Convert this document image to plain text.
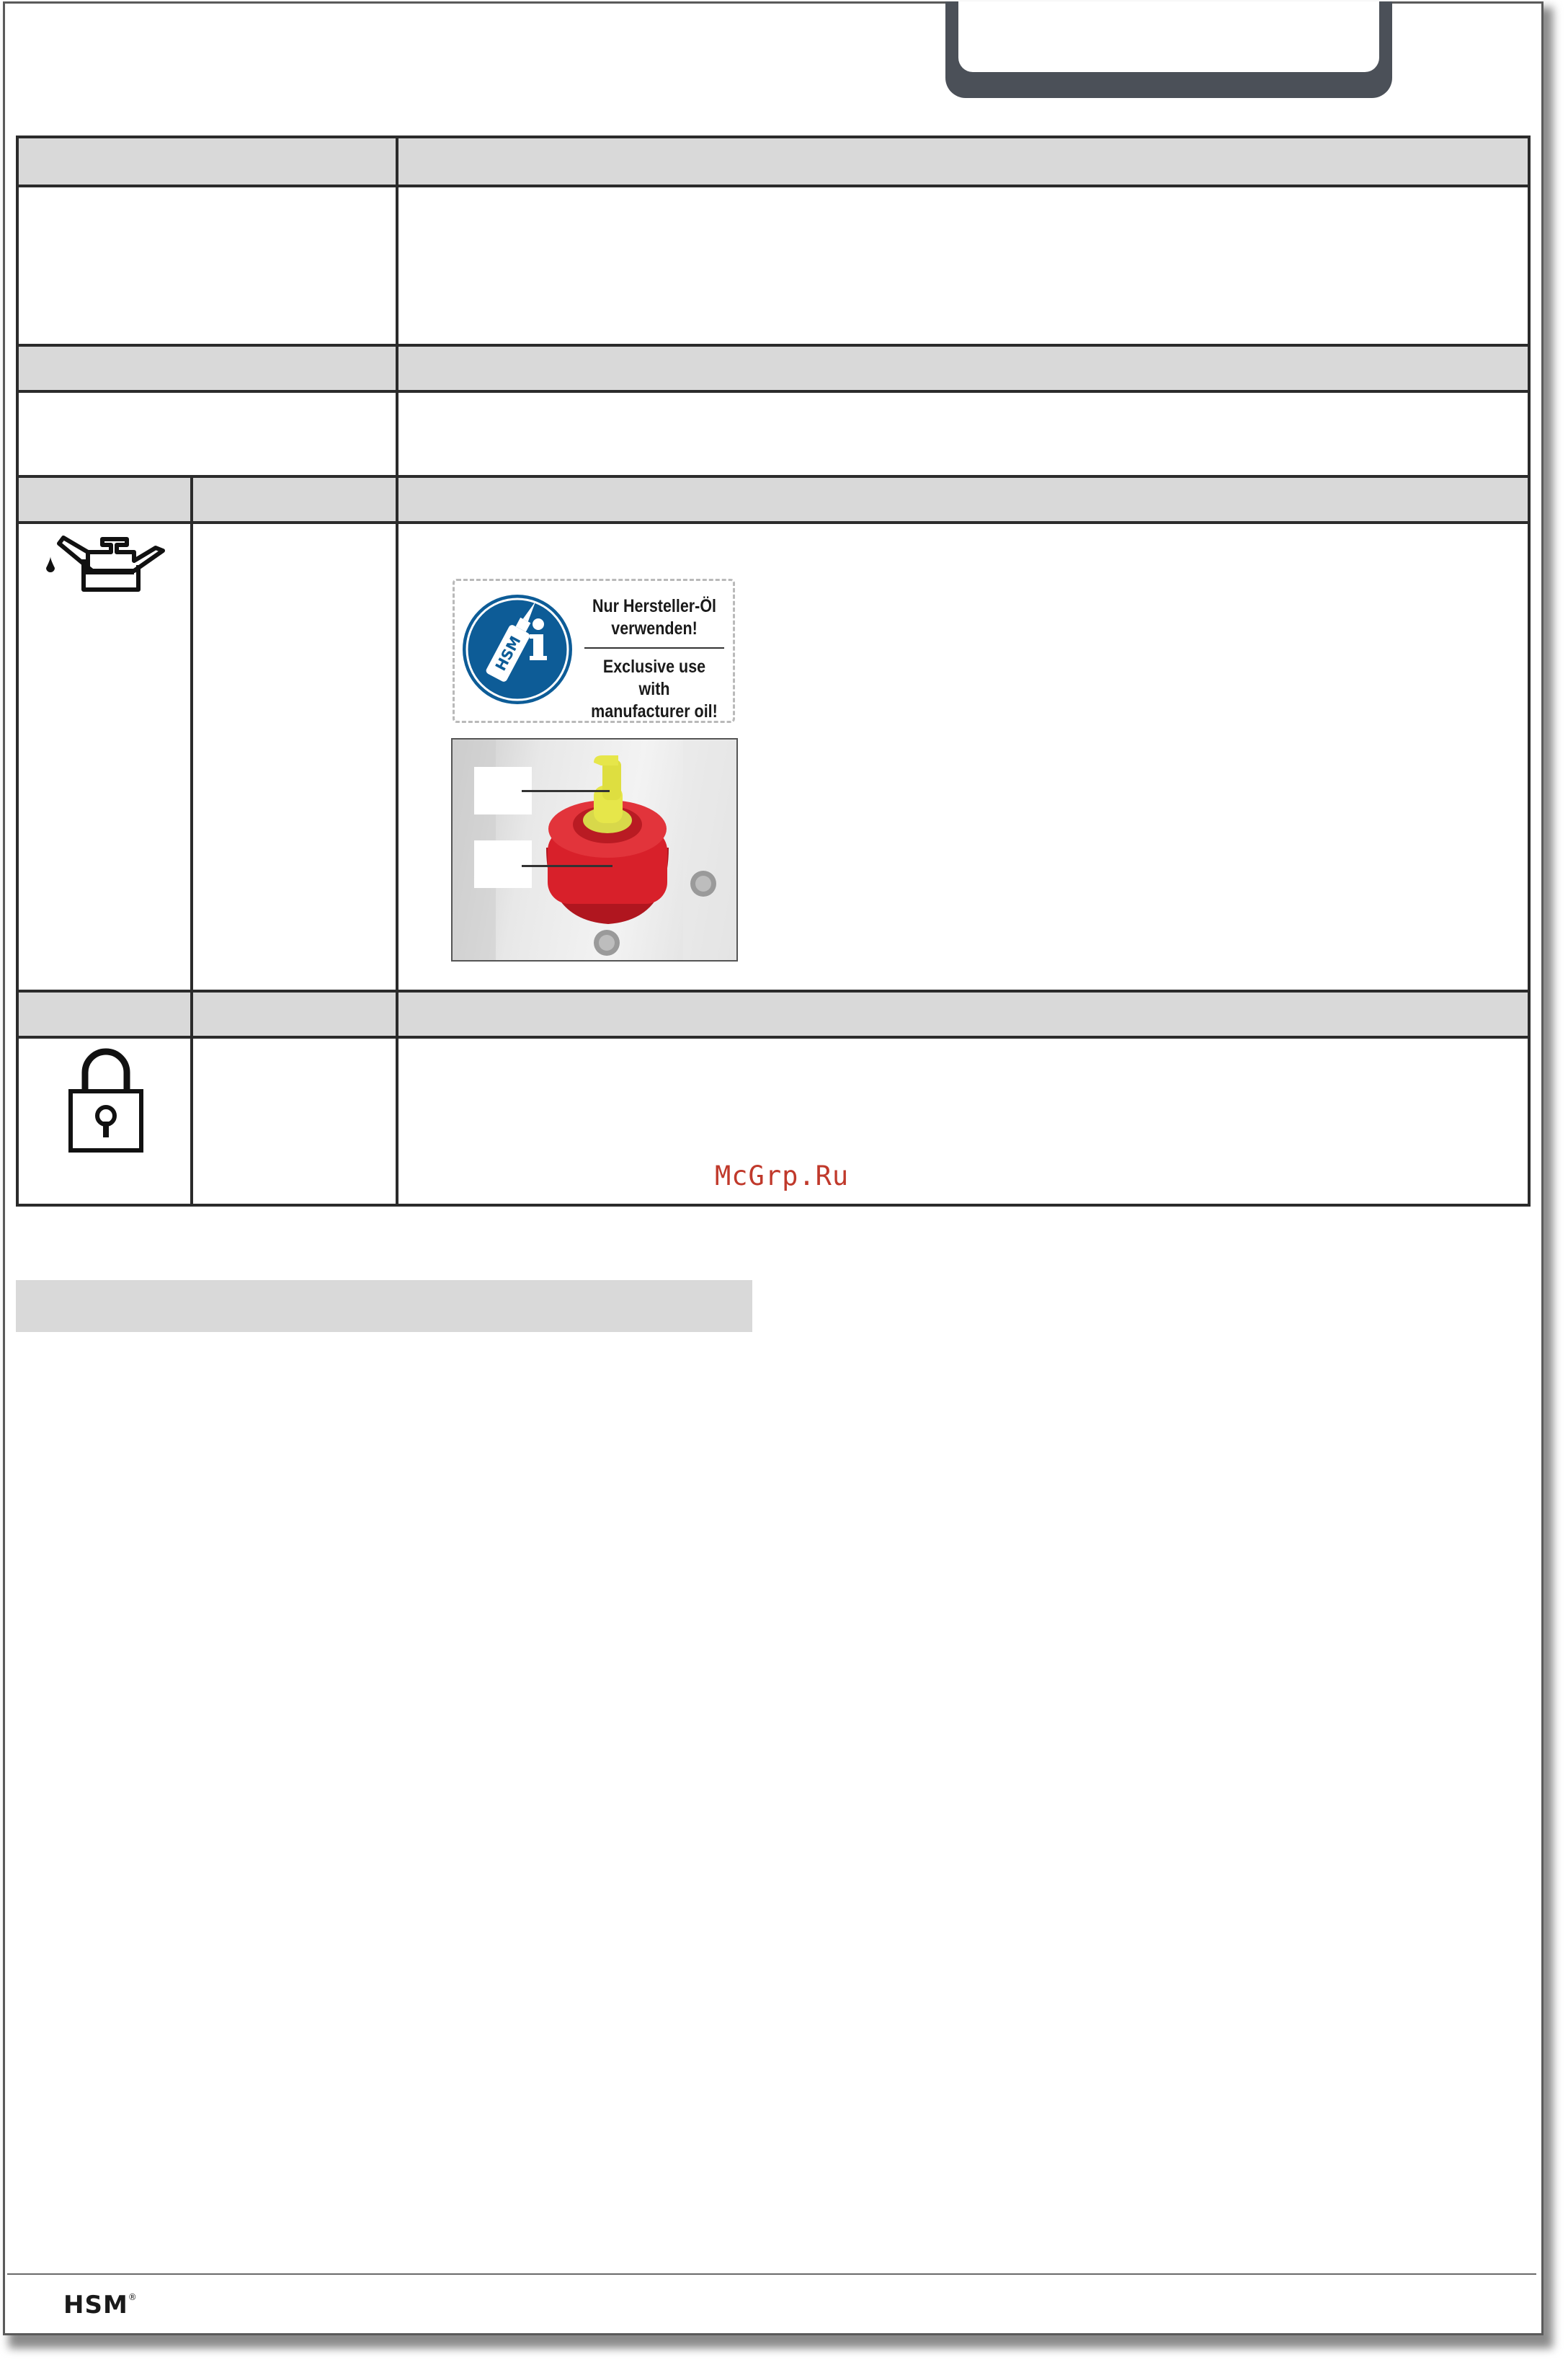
HSM
Nur Hersteller-Öl
verwenden!
Exclusive use with
manufacturer oil!
McGrp.Ru
HSM®
